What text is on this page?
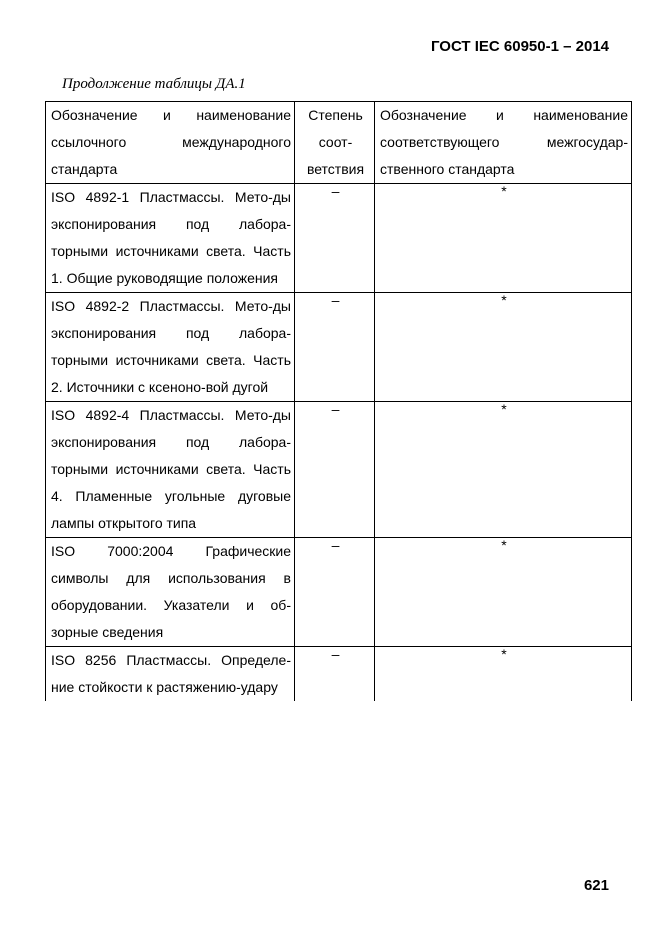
ГОСТ IEC 60950-1 – 2014
Продолжение таблицы ДА.1
Обозначение и наименование ссылочного международного стандарта	Степень соот-ветствия	Обозначение и наименование соответствующего межгосудар-ственного стандарта
ISO 4892-1 Пластмассы. Мето-ды экспонирования под лабора-торными источниками света. Часть 1. Общие руководящие положения	–	*
ISO 4892-2 Пластмассы. Мето-ды экспонирования под лабора-торными источниками света. Часть 2. Источники с ксеноно-вой дугой	–	*
ISO 4892-4 Пластмассы. Мето-ды экспонирования под лабора-торными источниками света. Часть 4. Пламенные угольные дуговые лампы открытого типа	–	*
ISO 7000:2004 Графические символы для использования в оборудовании. Указатели и об-зорные сведения	–	*
ISO 8256 Пластмассы. Определе-ние стойкости к растяжению-удару	–	*
621
